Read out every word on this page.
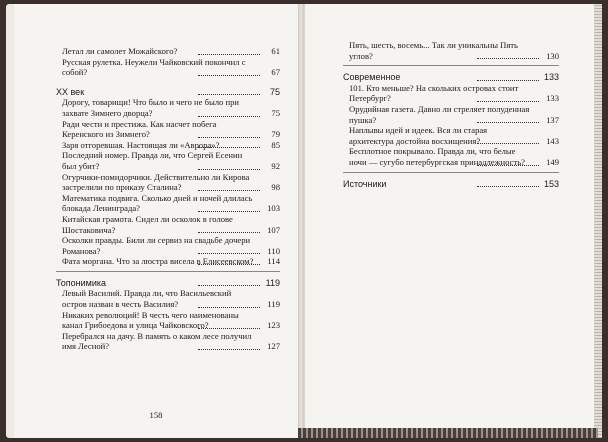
Летал ли самолет Можайского?	61
Русская рулетка. Неужели Чайковский покончил с собой?	67
XX век	75
Дорогу, товарищи! Что было и чего не было при захвате Зимнего дворца?	75
Ради чести и престижа. Как насчет побега Керенского из Зимнего?	79
Заря отгоревшая. Настоящая ли «Аврора»?	85
Последний номер. Правда ли, что Сергей Есенин был убит?	92
Огурчики-помидорчики. Действительно ли Кирова застрелили по приказу Сталина?	98
Математика подвига. Сколько дней и ночей длилась блокада Ленинграда?	103
Китайская грамота. Сидел ли осколок в голове Шостаковича?	107
Осколки правды. Били ли сервиз на свадьбе дочери Романова?	110
Фата моргана. Что за люстра висела в Елисеевском?	114
Топонимика	119
Левый Василий. Правда ли, что Васильевский остров назван в честь Василия?	119
Никаких революций! В честь чего наименованы канал Грибоедова и улица Чайковского?	123
Перебрался на дачу. В память о каком лесе получил имя Лесной?	127
158
Пять, шесть, восемь... Так ли уникальны Пять углов?	130
Современное	133
101. Кто меньше? На скольких островах стоит Петербург?	133
Орудийная газета. Давно ли стреляет полуденная пушка?	137
Наплывы идей и идеек. Вся ли старая архитектура достойна восхищения?	143
Бесплотное покрывало. Правда ли, что белые ночи — сугубо петербургская принадлежность?	149
Источники	153
